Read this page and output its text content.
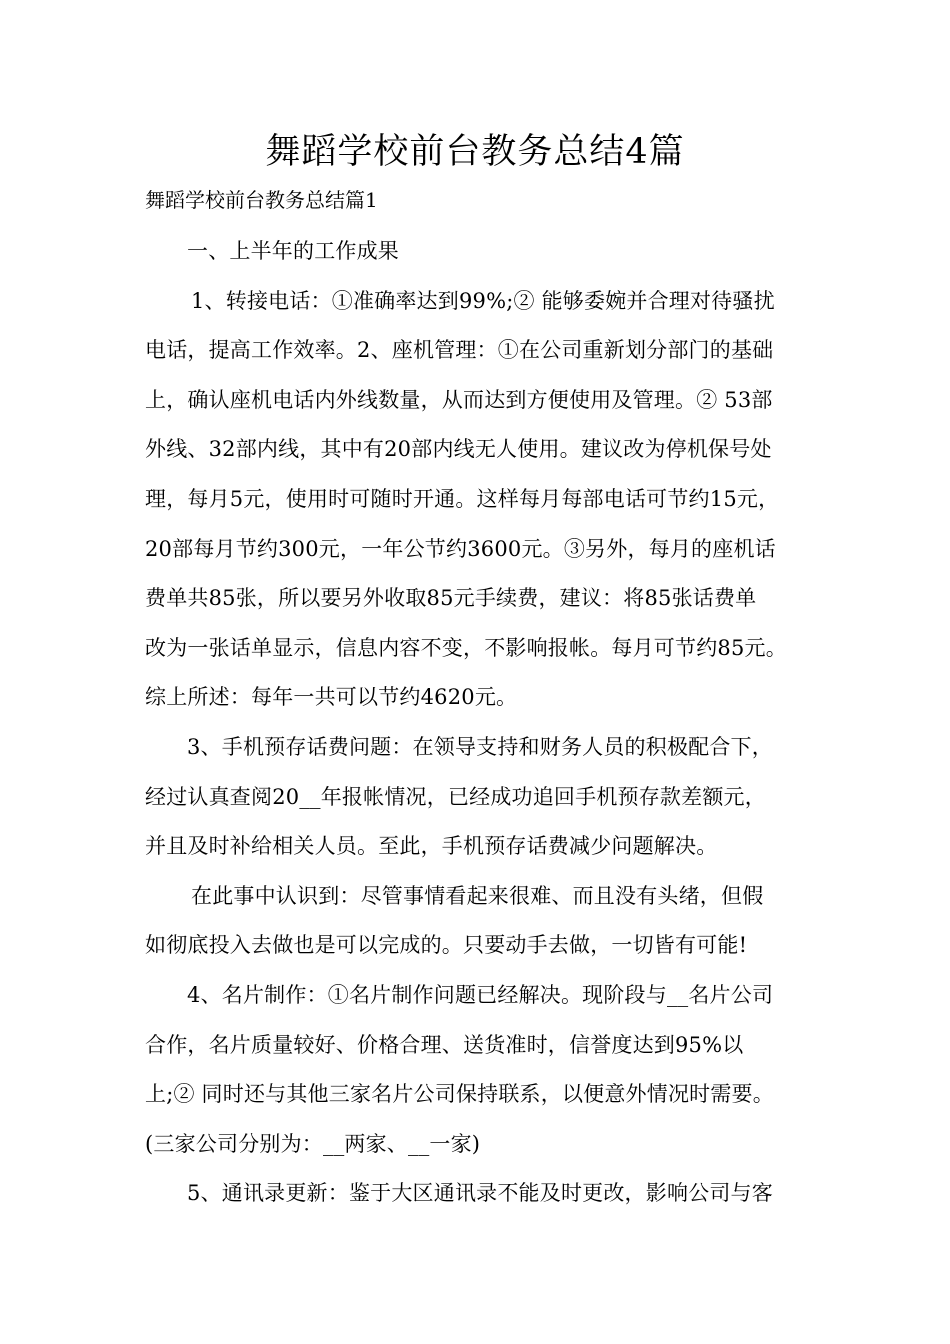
舞蹈学校前台教务总结4篇
舞蹈学校前台教务总结篇1
一、上半年的工作成果
1、转接电话：①准确率达到99%;② 能够委婉并合理对待骚扰
电话，提高工作效率。2、座机管理：①在公司重新划分部门的基础
上，确认座机电话内外线数量，从而达到方便使用及管理。② 53部
外线、32部内线，其中有20部内线无人使用。建议改为停机保号处
理，每月5元，使用时可随时开通。这样每月每部电话可节约15元，
20部每月节约300元，一年公节约3600元。③另外，每月的座机话
费单共85张，所以要另外收取85元手续费，建议：将85张话费单
改为一张话单显示，信息内容不变，不影响报帐。每月可节约85元。
综上所述：每年一共可以节约4620元。
3、手机预存话费问题：在领导支持和财务人员的积极配合下，
经过认真查阅20__年报帐情况，已经成功追回手机预存款差额元，
并且及时补给相关人员。至此，手机预存话费减少问题解决。
在此事中认识到：尽管事情看起来很难、而且没有头绪，但假
如彻底投入去做也是可以完成的。只要动手去做，一切皆有可能!
4、名片制作：①名片制作问题已经解决。现阶段与__名片公司
合作，名片质量较好、价格合理、送货准时，信誉度达到95%以
上;② 同时还与其他三家名片公司保持联系，以便意外情况时需要。
(三家公司分别为：__两家、__一家)
5、通讯录更新：鉴于大区通讯录不能及时更改，影响公司与客
